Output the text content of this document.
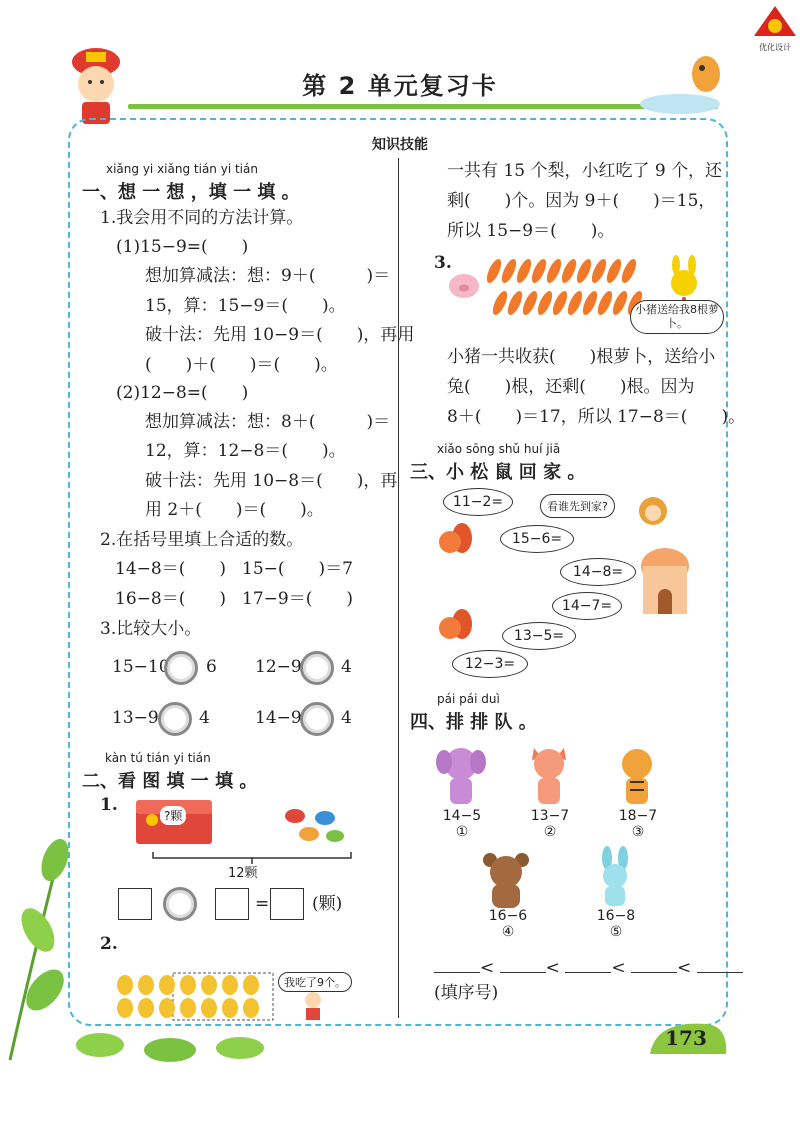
优化设计
第 2 单元复习卡
知识技能
xiǎng yi xiǎng tián yi tián
一、想 一 想 ，填 一 填 。
1.我会用不同的方法计算。
(1)15−9=(　　)
想加算减法：想：9＋(　　　)＝
15，算：15−9＝(　　)。
破十法：先用 10−9＝(　　)，再用
(　　)＋(　　)＝(　　)。
(2)12−8=(　　)
想加算减法：想：8＋(　　　)＝
12，算：12−8＝(　　)。
破十法：先用 10−8＝(　　)，再
用 2＋(　　)＝(　　)。
2.在括号里填上合适的数。
14−8＝(　　) 15−(　　)＝7
16−8＝(　　) 17−9＝(　　)
3.比较大小。
15−10 6 12−9 4
13−9 4	14−9 4
kàn tú tián yi tián
二、看 图 填 一 填 。
1.
?颗
12颗
=	(颗)
2.
我吃了9个。
一共有 15 个梨，小红吃了 9 个，还
剩(　　)个。因为 9＋(　　)＝15，
所以 15−9＝(　　)。
3.
小猪送给我8根萝卜。
小猪一共收获(　　)根萝卜，送给小
兔(　　)根，还剩(　　)根。因为
8＋(　　)＝17，所以 17−8＝(　　)。
xiǎo sōng shǔ huí jiā
三、小 松 鼠 回 家 。
11−2=
15−6=
14−8=
14−7=
13−5=
12−3=
看谁先到家?
pái pái duì
四、排 排 队 。
14−5
①
13−7
②
18−7
③
16−6
④
16−8
⑤
<	<	<	<
(填序号)
173
